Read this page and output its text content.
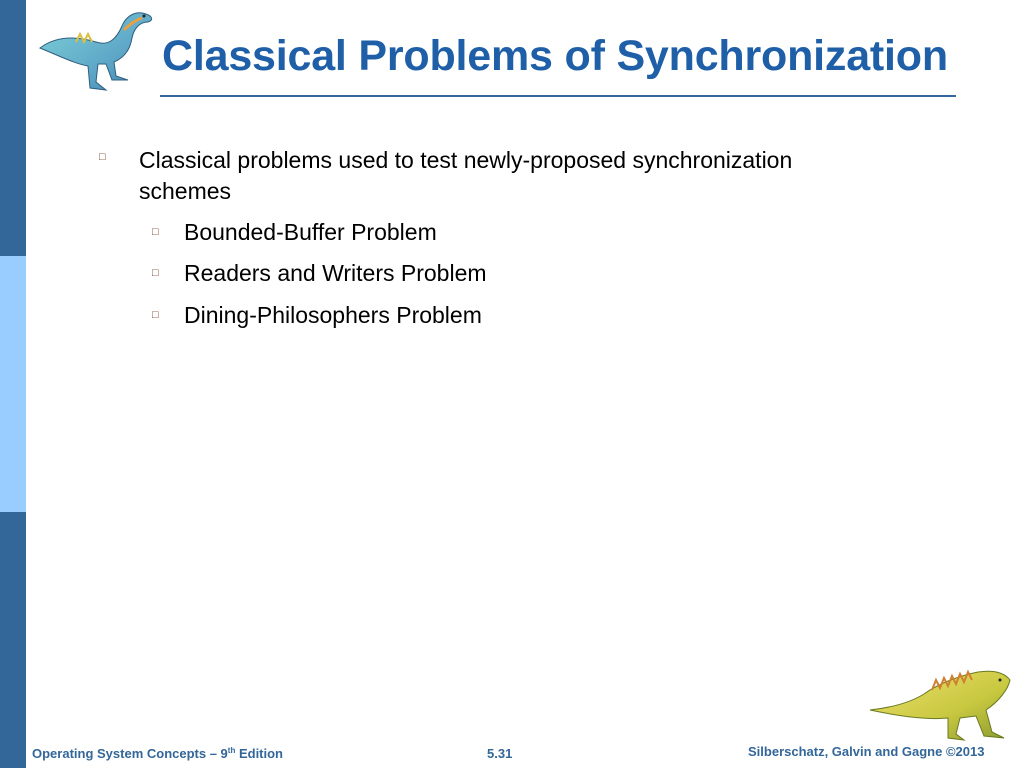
Classical Problems of Synchronization
□ Classical problems used to test newly-proposed synchronization
schemes
□ Bounded-Buffer Problem
□ Readers and Writers Problem
□ Dining-Philosophers Problem
Operating System Concepts – 9th Edition	5.31	Silberschatz, Galvin and Gagne ©2013
